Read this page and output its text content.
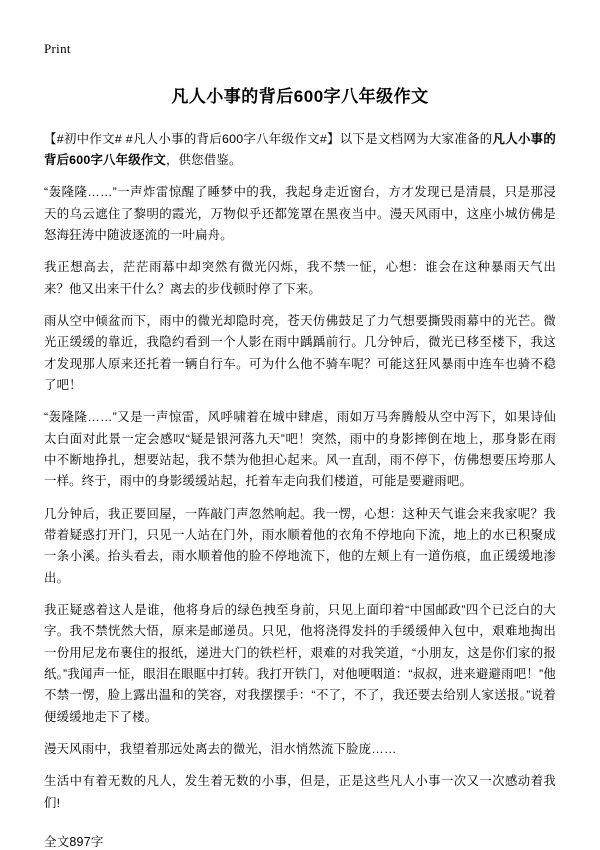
Print
凡人小事的背后600字八年级作文

【#初中作文# #凡人小事的背后600字八年级作文#】以下是文档网为大家准备的凡人小事的背后600字八年级作文，供您借鉴。

“轰隆隆……”一声炸雷惊醒了睡梦中的我，我起身走近窗台，方才发现已是清晨，只是那浸天的乌云遮住了黎明的霞光，万物似乎还都笼罩在黑夜当中。漫天风雨中，这座小城仿佛是怒海狂涛中随波逐流的一叶扁舟。

我正想高去，茫茫雨幕中却突然有微光闪烁，我不禁一怔，心想：谁会在这种暴雨天气出来？他又出来干什么？离去的步伐顿时停了下来。

雨从空中倾盆而下，雨中的微光却隐时亮，苍天仿佛鼓足了力气想要撕毁雨幕中的光芒。微光正缓缓的靠近，我隐约看到一个人影在雨中踽踽前行。几分钟后，微光已移至楼下，我这才发现那人原来还托着一辆自行车。可为什么他不骑车呢？可能这狂风暴雨中连车也骑不稳了吧！

“轰隆隆……”又是一声惊雷，风呼啸着在城中肆虐，雨如万马奔腾般从空中泻下，如果诗仙太白面对此景一定会感叹“疑是银河落九天”吧！突然，雨中的身影摔倒在地上，那身影在雨中不断地挣扎，想要站起，我不禁为他担心起来。风一直刮，雨不停下，仿佛想要压垮那人一样。终于，雨中的身影缓缓站起，托着车走向我们楼道，可能是要避雨吧。

几分钟后，我正要回屋，一阵敲门声忽然响起。我一愣，心想：这种天气谁会来我家呢？我带着疑惑打开门，只见一人站在门外，雨水顺着他的衣角不停地向下流，地上的水已积聚成一条小溪。抬头看去，雨水顺着他的脸不停地流下，他的左颊上有一道伤痕，血正缓缓地渗出。

我正疑惑着这人是谁，他将身后的绿色拽至身前，只见上面印着“中国邮政”四个已泛白的大字。我不禁恍然大悟，原来是邮递员。只见，他将浇得发抖的手缓缓伸入包中，艰难地掏出一份用尼龙布裹住的报纸，递进大门的铁栏杆，艰难的对我笑道，“小朋友，这是你们家的报纸。”我闻声一怔，眼泪在眼眶中打转。我打开铁门，对他哽咽道：“叔叔，进来避避雨吧！”他不禁一愣，脸上露出温和的笑容，对我摆摆手：“不了，不了，我还要去给别人家送报。”说着便缓缓地走下了楼。

漫天风雨中，我望着那远处离去的微光，泪水悄然流下脸庞……

生活中有着无数的凡人，发生着无数的小事，但是，正是这些凡人小事一次又一次感动着我们!

全文897字
